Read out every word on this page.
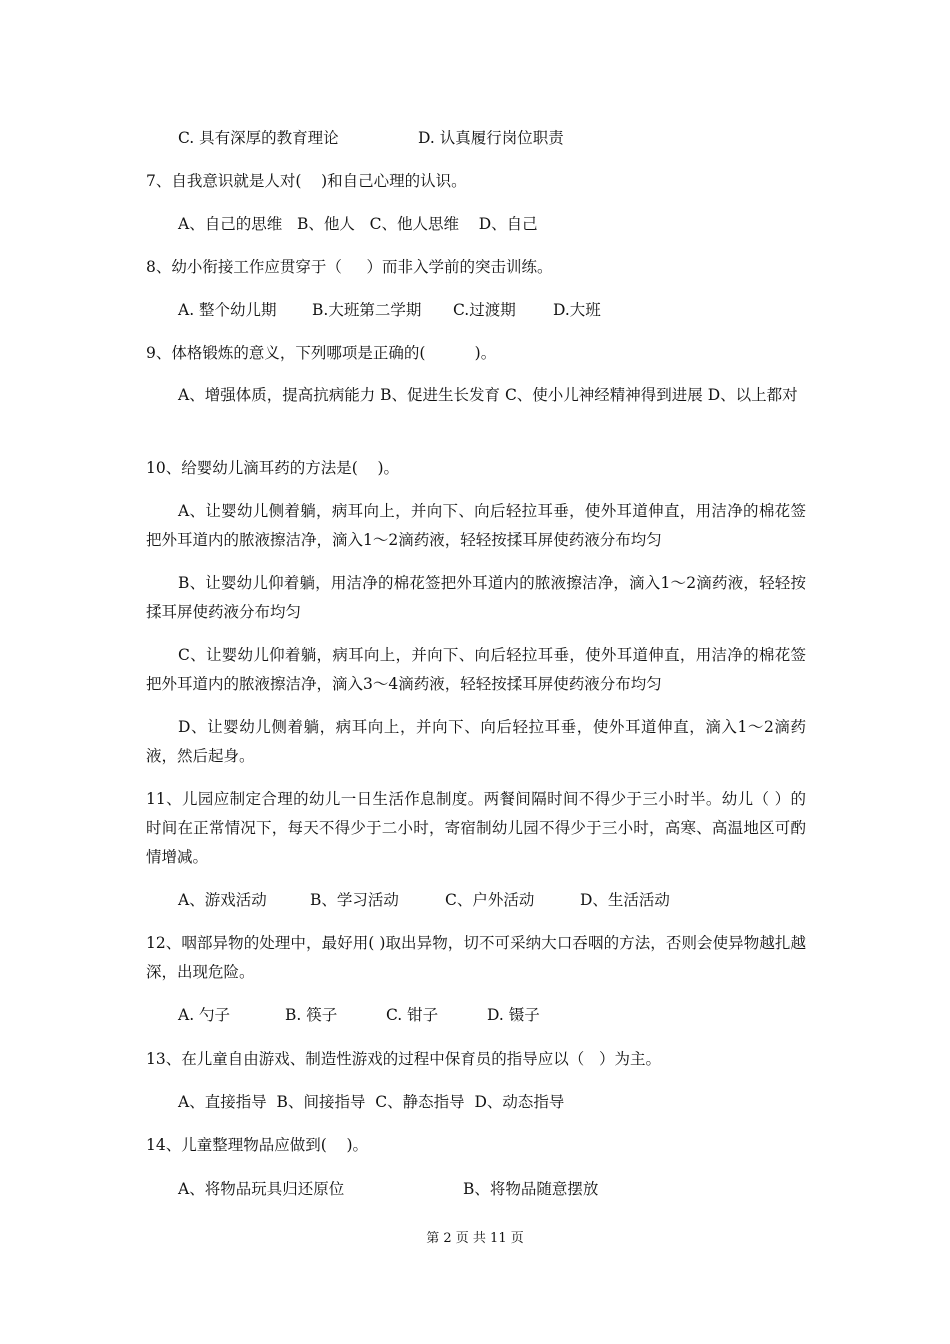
C. 具有深厚的教育理论	D. 认真履行岗位职责
7、自我意识就是人对(    )和自己心理的认识。
A、自己的思维   B、他人   C、他人思维    D、自己
8、幼小衔接工作应贯穿于（     ）而非入学前的突击训练。
A. 整个幼儿期 B.大班第二学期 C.过渡期 D.大班
9、体格锻炼的意义，下列哪项是正确的(          )。
A、增强体质，提高抗病能力 B、促进生长发育 C、使小儿神经精神得到进展 D、以上都对
10、给婴幼儿滴耳药的方法是(    )。
A、让婴幼儿侧着躺，病耳向上，并向下、向后轻拉耳垂，使外耳道伸直，用洁净的棉花签把外耳道内的脓液擦洁净，滴入1～2滴药液，轻轻按揉耳屏使药液分布均匀
B、让婴幼儿仰着躺，用洁净的棉花签把外耳道内的脓液擦洁净，滴入1～2滴药液，轻轻按揉耳屏使药液分布均匀
C、让婴幼儿仰着躺，病耳向上，并向下、向后轻拉耳垂，使外耳道伸直，用洁净的棉花签把外耳道内的脓液擦洁净，滴入3～4滴药液，轻轻按揉耳屏使药液分布均匀
D、让婴幼儿侧着躺，病耳向上，并向下、向后轻拉耳垂，使外耳道伸直，滴入1～2滴药液，然后起身。
11、儿园应制定合理的幼儿一日生活作息制度。两餐间隔时间不得少于三小时半。幼儿（ ）的时间在正常情况下，每天不得少于二小时，寄宿制幼儿园不得少于三小时，高寒、高温地区可酌情增减。
A、游戏活动	B、学习活动	C、户外活动	D、生活活动
12、咽部异物的处理中，最好用( )取出异物，切不可采纳大口吞咽的方法，否则会使异物越扎越深，出现危险。
A. 勺子	B. 筷子	C. 钳子	D. 镊子
13、在儿童自由游戏、制造性游戏的过程中保育员的指导应以（   ）为主。
A、直接指导  B、间接指导  C、静态指导  D、动态指导
14、儿童整理物品应做到(    )。
A、将物品玩具归还原位	B、将物品随意摆放
第 2 页 共 11 页
